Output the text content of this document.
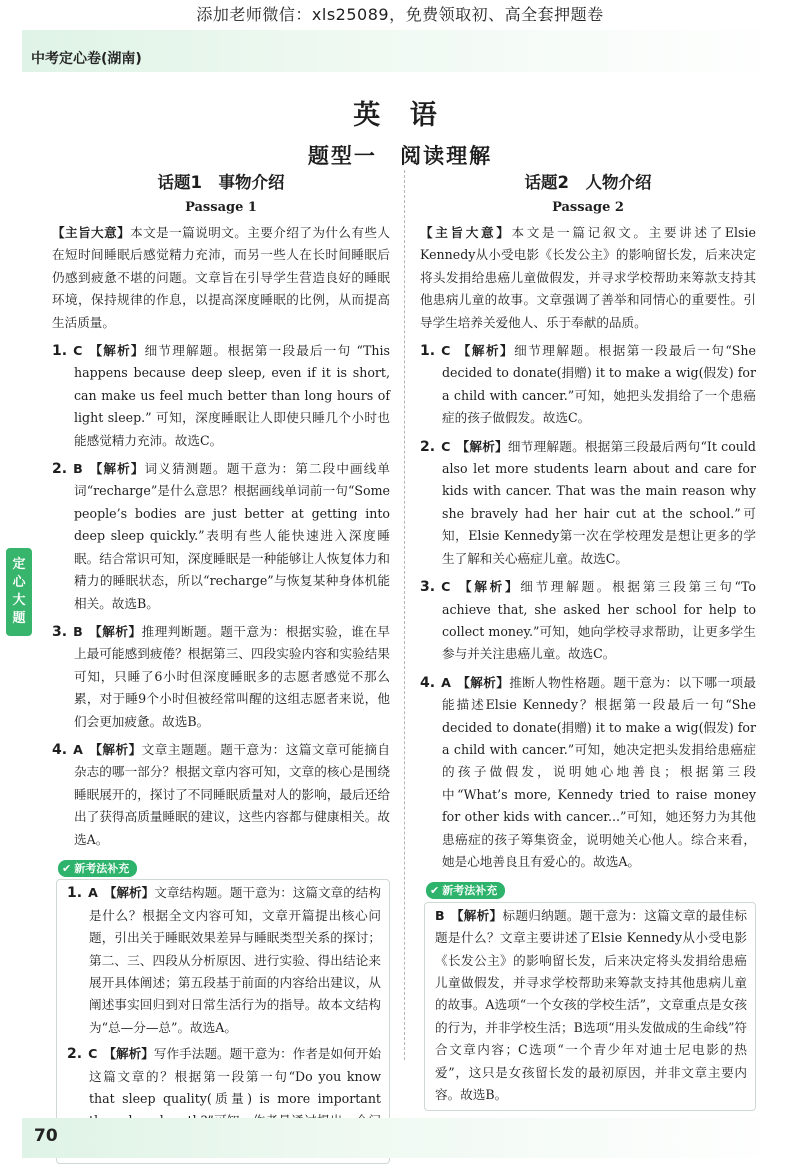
添加老师微信：xls25089，免费领取初、高全套押题卷
中考定心卷(湖南)
英 语
题型一 阅读理解
定
心
大
题
话题1　事物介绍
Passage 1

【主旨大意】本文是一篇说明文。主要介绍了为什么有些人在短时间睡眠后感觉精力充沛，而另一些人在长时间睡眠后仍感到疲惫不堪的问题。文章旨在引导学生营造良好的睡眠环境，保持规律的作息，以提高深度睡眠的比例，从而提高生活质量。

1. C 【解析】细节理解题。根据第一段最后一句 “This happens because deep sleep, even if it is short, can make us feel much better than long hours of light sleep.” 可知，深度睡眠让人即使只睡几个小时也能感觉精力充沛。故选C。

2. B 【解析】词义猜测题。题干意为：第二段中画线单词“recharge”是什么意思？根据画线单词前一句“Some people’s bodies are just better at getting into deep sleep quickly.”表明有些人能快速进入深度睡眠。结合常识可知，深度睡眠是一种能够让人恢复体力和精力的睡眠状态，所以“recharge”与恢复某种身体机能相关。故选B。

3. B 【解析】推理判断题。题干意为：根据实验，谁在早上最可能感到疲倦？根据第三、四段实验内容和实验结果可知，只睡了6小时但深度睡眠多的志愿者感觉不那么累，对于睡9个小时但被经常叫醒的这组志愿者来说，他们会更加疲惫。故选B。

4. A 【解析】文章主题题。题干意为：这篇文章可能摘自杂志的哪一部分？根据文章内容可知，文章的核心是围绕睡眠展开的，探讨了不同睡眠质量对人的影响，最后还给出了获得高质量睡眠的建议，这些内容都与健康相关。故选A。

✔ 新考法补充

1. A 【解析】文章结构题。题干意为：这篇文章的结构是什么？根据全文内容可知，文章开篇提出核心问题，引出关于睡眠效果差异与睡眠类型关系的探讨；第二、三、四段从分析原因、进行实验、得出结论来展开具体阐述；第五段基于前面的内容给出建议，从阐述事实回归到对日常生活行为的指导。故本文结构为“总—分—总”。故选A。

2. C 【解析】写作手法题。题干意为：作者是如何开始这篇文章的？根据第一段第一句“Do you know that sleep quality(质量) is more important

话题2　人物介绍
Passage 2

【主旨大意】本文是一篇记叙文。主要讲述了Elsie Kennedy从小受电影《长发公主》的影响留长发，后来决定将头发捐给患癌儿童做假发，并寻求学校帮助来筹款支持其他患病儿童的故事。文章强调了善举和同情心的重要性。引导学生培养关爱他人、乐于奉献的品质。

1. C 【解析】细节理解题。根据第一段最后一句“She decided to donate(捐赠) it to make a wig(假发) for a child with cancer.”可知，她把头发捐给了一个患癌症的孩子做假发。故选C。

2. C 【解析】细节理解题。根据第三段最后两句“It could also let more students learn about and care for kids with cancer. That was the main reason why she bravely had her hair cut at the school.”可知，Elsie Kennedy第一次在学校理发是想让更多的学生了解和关心癌症儿童。故选C。

3. C 【解析】细节理解题。根据第三段第三句“To achieve that, she asked her school for help to collect money.”可知，她向学校寻求帮助，让更多学生参与并关注患癌儿童。故选C。

4. A 【解析】推断人物性格题。题干意为：以下哪一项最能描述Elsie Kennedy？根据第一段最后一句“She decided to donate(捐赠) it to make a wig(假发) for a child with cancer.”可知，她决定把头发捐给患癌症的孩子做假发，说明她心地善良；根据第三段中“What’s more, Kennedy tried to raise money for other kids with cancer...”可知，她还努力为其他患癌症的孩子筹集资金，说明她关心他人。综合来看，她是心地善良且有爱心的。故选A。

✔ 新考法补充

B 【解析】标题归纳题。题干意为：这篇文章的最佳标题是什么？文章主要讲述了Elsie Kennedy从小受电影《长发公主》的影响留长发，后来决定将头发捐给患癌儿童做假发，并寻求学校帮助来筹款支持其他患病儿童的故事。A选项“一个女孩的学校生活”，文章重点是女孩的行为，并非学校生活；B选项“用头发做成的生命线”符合文章内容；C选项“一个青少年对迪士尼电影的热爱”，这只是女孩留长发的最初原因，并非文章主要内容。故选B。

70
